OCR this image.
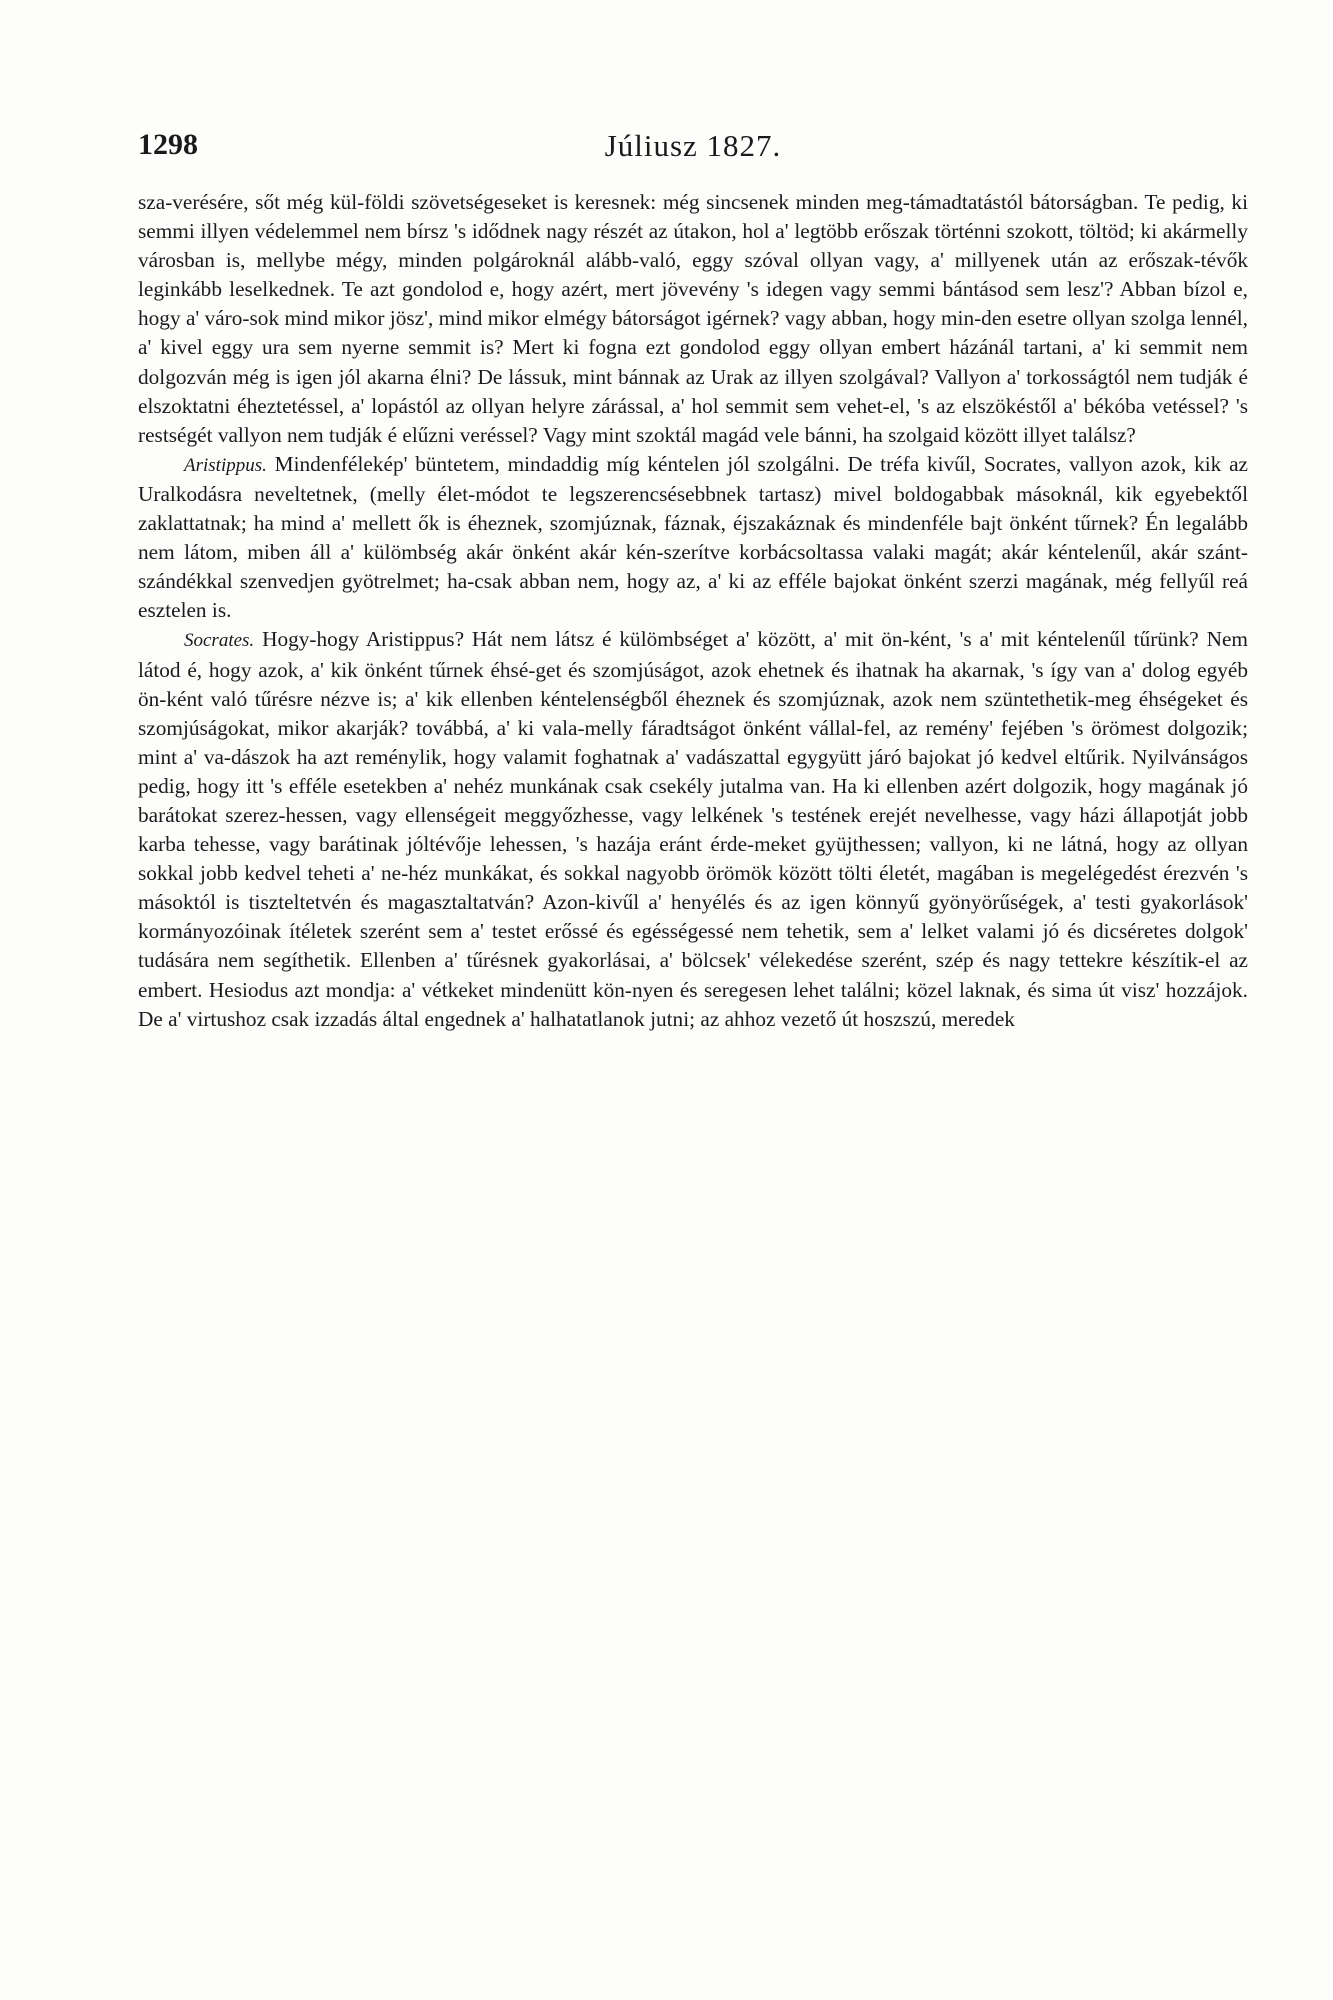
1298	Júliusz 1827.

sza-verésére, sőt még kül-földi szövetségeseket is keresnek: még sincsenek minden meg-támadtatástól bátorságban. Te pedig, ki semmi illyen védelemmel nem bírsz 's idődnek nagy részét az útakon, hol a' legtöbb erőszak történni szokott, töltöd; ki akármelly városban is, mellybe mégy, minden polgároknál alább-való, eggy szóval ollyan vagy, a' millyenek után az erőszak-tévők leginkább leselkednek. Te azt gondolod e, hogy azért, mert jövevény 's idegen vagy semmi bántásod sem lesz'? Abban bízol e, hogy a' váro-sok mind mikor jösz', mind mikor elmégy bátorságot igérnek? vagy abban, hogy min-den esetre ollyan szolga lennél, a' kivel eggy ura sem nyerne semmit is? Mert ki fogna ezt gondolod eggy ollyan embert házánál tartani, a' ki semmit nem dolgozván még is igen jól akarna élni? De lássuk, mint bánnak az Urak az illyen szolgával? Vallyon a' torkosságtól nem tudják é elszoktatni éheztetéssel, a' lopástól az ollyan helyre zárással, a' hol semmit sem vehet-el, 's az elszökéstől a' békóba vetéssel? 's restségét vallyon nem tudják é elűzni veréssel? Vagy mint szoktál magád vele bánni, ha szolgaid között illyet találsz?

Aristippus. Mindenfélekép' büntetem, mindaddig míg kéntelen jól szolgálni. De tréfa kivűl, Socrates, vallyon azok, kik az Uralkodásra neveltetnek, (melly élet-módot te legszerencsésebbnek tartasz) mivel boldogabbak másoknál, kik egyebektől zaklattatnak; ha mind a' mellett ők is éheznek, szomjúznak, fáznak, éjszakáznak és mindenféle bajt önként tűrnek? Én legalább nem látom, miben áll a' külömbség akár önként akár kén-szerítve korbácsoltassa valaki magát; akár kéntelenűl, akár szánt-szándékkal szenvedjen gyötrelmet; ha-csak abban nem, hogy az, a' ki az efféle bajokat önként szerzi magának, még fellyűl reá esztelen is.

Socrates. Hogy-hogy Aristippus? Hát nem látsz é külömbséget a' között, a' mit ön-ként, 's a' mit kéntelenűl tűrünk? Nem látod é, hogy azok, a' kik önként tűrnek éhsé-get és szomjúságot, azok ehetnek és ihatnak ha akarnak, 's így van a' dolog egyéb ön-ként való tűrésre nézve is; a' kik ellenben kéntelenségből éheznek és szomjúznak, azok nem szüntethetik-meg éhségeket és szomjúságokat, mikor akarják? továbbá, a' ki vala-melly fáradtságot önként vállal-fel, az remény' fejében 's örömest dolgozik; mint a' va-dászok ha azt reménylik, hogy valamit foghatnak a' vadászattal egygyütt járó bajokat jó kedvel eltűrik. Nyilvánságos pedig, hogy itt 's efféle esetekben a' nehéz munkának csak csekély jutalma van. Ha ki ellenben azért dolgozik, hogy magának jó barátokat szerez-hessen, vagy ellenségeit meggyőzhesse, vagy lelkének 's testének erejét nevelhesse, vagy házi állapotját jobb karba tehesse, vagy barátinak jóltévője lehessen, 's hazája eránt érde-meket gyüjthessen; vallyon, ki ne látná, hogy az ollyan sokkal jobb kedvel teheti a' ne-héz munkákat, és sokkal nagyobb örömök között tölti életét, magában is megelégedést érezvén 's másoktól is tiszteltetvén és magasztaltatván? Azon-kivűl a' henyélés és az igen könnyű gyönyörűségek, a' testi gyakorlások' kormányozóinak ítéletek szerént sem a' testet erőssé és egésségessé nem tehetik, sem a' lelket valami jó és dicséretes dolgok' tudására nem segíthetik. Ellenben a' tűrésnek gyakorlásai, a' bölcsek' vélekedése szerént, szép és nagy tettekre készítik-el az embert. Hesiodus azt mondja: a' vétkeket mindenütt kön-nyen és seregesen lehet találni; közel laknak, és sima út visz' hozzájok. De a' virtushoz csak izzadás által engednek a' halhatatlanok jutni; az ahhoz vezető út hoszszú, meredek
